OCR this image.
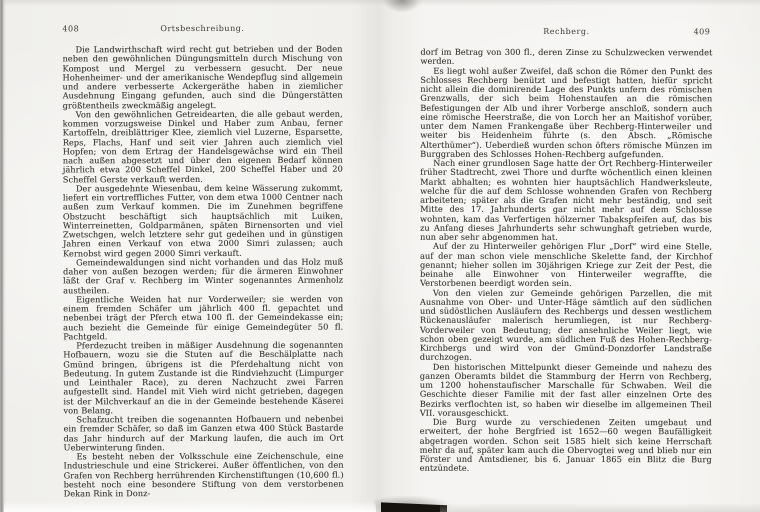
408	Ortsbeschreibung.

Die Landwirthschaft wird recht gut betrieben und der Boden neben den gewöhnlichen Düngungsmitteln durch Mischung von Kompost und Mergel zu verbessern gesucht. Der neue Hohenheimer- und der amerikanische Wendepflug sind allgemein und andere verbesserte Ackergeräthe haben in ziemlicher Ausdehnung Eingang gefunden, auch sind die Düngerstätten größtentheils zweckmäßig angelegt.

Von den gewöhnlichen Getreidearten, die alle gebaut werden, kommen vorzugsweise Dinkel und Haber zum Anbau, ferner Kartoffeln, dreiblättriger Klee, ziemlich viel Luzerne, Esparsette, Reps, Flachs, Hanf und seit vier Jahren auch ziemlich viel Hopfen; von dem Ertrag der Handelsgewächse wird ein Theil nach außen abgesetzt und über den eigenen Bedarf können jährlich etwa 200 Scheffel Dinkel, 200 Scheffel Haber und 20 Scheffel Gerste verkauft werden.

Der ausgedehnte Wiesenbau, dem keine Wässerung zukommt, liefert ein vortreffliches Futter, von dem etwa 1000 Centner nach außen zum Verkauf kommen. Die im Zunehmen begriffene Obstzucht beschäftigt sich hauptsächlich mit Luiken, Winterreinetten, Goldparmänen, späten Birnensorten und viel Zwetschgen, welch letztere sehr gut gedeihen und in günstigen Jahren einen Verkauf von etwa 2000 Simri zulassen; auch Kernobst wird gegen 2000 Simri verkauft.

Gemeindewaldungen sind nicht vorhanden und das Holz muß daher von außen bezogen werden; für die ärmeren Einwohner läßt der Graf v. Rechberg im Winter sogenanntes Armenholz austheilen.

Eigentliche Weiden hat nur Vorderweiler; sie werden von einem fremden Schäfer um jährlich 400 fl. gepachtet und nebenbei trägt der Pferch etwa 100 fl. der Gemeindekasse ein; auch bezieht die Gemeinde für einige Gemeindegüter 50 fl. Pachtgeld.

Pferdezucht treiben in mäßiger Ausdehnung die sogenannten Hofbauern, wozu sie die Stuten auf die Beschälplatte nach Gmünd bringen, übrigens ist die Pferdehaltung nicht von Bedeutung. In gutem Zustande ist die Rindviehzucht (Limpurger und Leinthaler Race), zu deren Nachzucht zwei Farren aufgestellt sind. Handel mit Vieh wird nicht getrieben, dagegen ist der Milchverkauf an die in der Gemeinde bestehende Käserei von Belang.

Schafzucht treiben die sogenannten Hofbauern und nebenbei ein fremder Schäfer, so daß im Ganzen etwa 400 Stück Bastarde das Jahr hindurch auf der Markung laufen, die auch im Ort Ueberwinterung finden.

Es besteht neben der Volksschule eine Zeichenschule, eine Industrieschule und eine Strickerei. Außer öffentlichen, von den Grafen von Rechberg herrührenden Kirchenstiftungen (10,600 fl.) besteht noch eine besondere Stiftung von dem verstorbenen Dekan Rink in Donz-

Rechberg.	409

dorf im Betrag von 300 fl., deren Zinse zu Schulzwecken verwendet werden.

Es liegt wohl außer Zweifel, daß schon die Römer den Punkt des Schlosses Rechberg benützt und befestigt hatten, hiefür spricht nicht allein die dominirende Lage des Punkts unfern des römischen Grenzwalls, der sich beim Hohenstaufen an die römischen Befestigungen der Alb und ihrer Vorberge anschloß, sondern auch eine römische Heerstraße, die von Lorch her an Maitishof vorüber, unter dem Namen Frankengaße über Rechberg-Hinterweiler und weiter bis Heidenheim führte (s. den Absch. „Römische Alterthümer“). Ueberdieß wurden schon öfters römische Münzen im Burggraben des Schlosses Hohen-Rechberg aufgefunden.

Nach einer grundlosen Sage hatte der Ort Rechberg-Hinterweiler früher Stadtrecht, zwei Thore und durfte wöchentlich einen kleinen Markt abhalten; es wohnten hier hauptsächlich Handwerksleute, welche für die auf dem Schlosse wohnenden Grafen von Rechberg arbeiteten; später als die Grafen nicht mehr beständig, und seit Mitte des 17. Jahrhunderts gar nicht mehr auf dem Schlosse wohnten, kam das Verfertigen hölzerner Tabakspfeifen auf, das bis zu Anfang dieses Jahrhunderts sehr schwunghaft getrieben wurde, nun aber sehr abgenommen hat.

Auf der zu Hinterweiler gehörigen Flur „Dorf“ wird eine Stelle, auf der man schon viele menschliche Skelette fand, der Kirchhof genannt; hieher sollen im 30jährigen Kriege zur Zeit der Pest, die beinahe alle Einwohner von Hinterweiler wegraffte, die Verstorbenen beerdigt worden sein.

Von den vielen zur Gemeinde gehörigen Parzellen, die mit Ausnahme von Ober- und Unter-Häge sämtlich auf den südlichen und südöstlichen Ausläufern des Rechbergs und dessen westlichem Rückenausläufer malerisch herumliegen, ist nur Rechberg-Vorderweiler von Bedeutung; der ansehnliche Weiler liegt, wie schon oben gezeigt wurde, am südlichen Fuß des Hohen-Rechberg-Kirchbergs und wird von der Gmünd-Donzdorfer Landstraße durchzogen.

Den historischen Mittelpunkt dieser Gemeinde und nahezu des ganzen Oberamts bildet die Stammburg der Herrn von Rechberg, um 1200 hohenstaufischer Marschalle für Schwaben. Weil die Geschichte dieser Familie mit der fast aller einzelnen Orte des Bezirks verflochten ist, so haben wir dieselbe im allgemeinen Theil VII. vorausgeschickt.

Die Burg wurde zu verschiedenen Zeiten umgebaut und erweitert, der hohe Bergfried ist 1652—60 wegen Baufälligkeit abgetragen worden. Schon seit 1585 hielt sich keine Herrschaft mehr da auf, später kam auch die Obervogtei weg und blieb nur ein Förster und Amtsdiener, bis 6. Januar 1865 ein Blitz die Burg entzündete.
